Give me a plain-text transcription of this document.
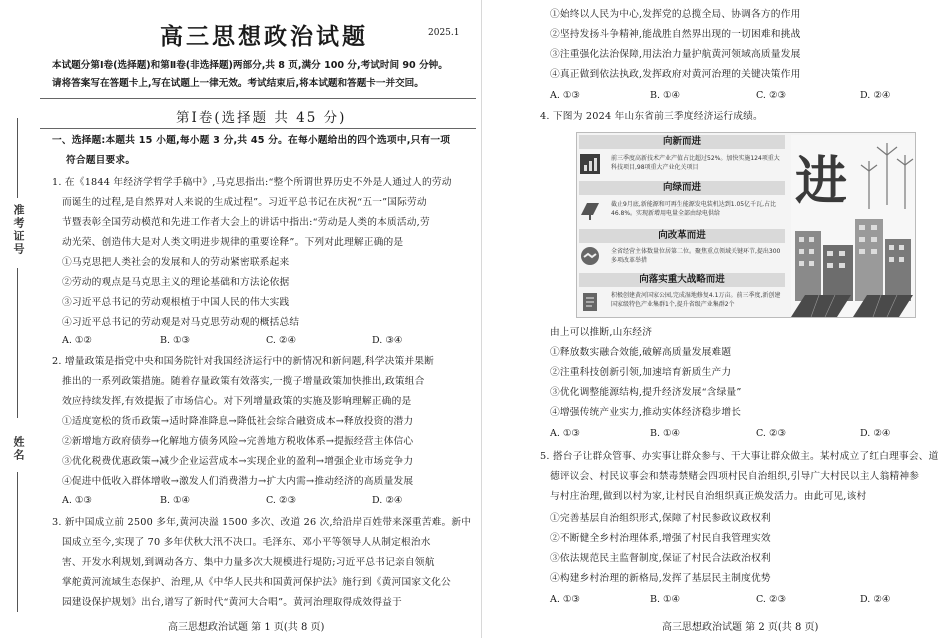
准考证号
姓名
高三思想政治试题	2025.1
本试题分第Ⅰ卷(选择题)和第Ⅱ卷(非选择题)两部分,共 8 页,满分 100 分,考试时间 90 分钟。
请将答案写在答题卡上,写在试题上一律无效。考试结束后,将本试题和答题卡一并交回。
第Ⅰ卷(选择题 共 45 分)
一、选择题:本题共 15 小题,每小题 3 分,共 45 分。在每小题给出的四个选项中,只有一项
符合题目要求。
1. 在《1844 年经济学哲学手稿中》,马克思指出:“整个所谓世界历史不外是人通过人的劳动
而诞生的过程,是自然界对人来说的生成过程”。习近平总书记在庆祝“五一”国际劳动
节暨表彰全国劳动模范和先进工作者大会上的讲话中指出:“劳动是人类的本质活动,劳
动光荣、创造伟大是对人类文明进步规律的重要诠释”。下列对此理解正确的是
①马克思把人类社会的发展和人的劳动紧密联系起来
②劳动的观点是马克思主义的理论基础和方法论依据
③习近平总书记的劳动观根植于中国人民的伟大实践
④习近平总书记的劳动观是对马克思劳动观的概括总结
A. ①②	B. ①③	C. ②④	D. ③④
2. 增量政策是指党中央和国务院针对我国经济运行中的新情况和新问题,科学决策并果断
推出的一系列政策措施。随着存量政策有效落实,一揽子增量政策加快推出,政策组合
效应持续发挥,有效提振了市场信心。对下列增量政策的实施及影响理解正确的是
①适度宽松的货币政策→适时降准降息→降低社会综合融资成本→释放投资的潜力
②新增地方政府债券→化解地方债务风险→完善地方税收体系→提振经营主体信心
③优化税费优惠政策→减少企业运营成本→实现企业的盈利→增强企业市场竞争力
④促进中低收入群体增收→激发人们消费潜力→扩大内需→推动经济的高质量发展
A. ①③	B. ①④	C. ②③	D. ②④
3. 新中国成立前 2500 多年,黄河决溢 1500 多次、改道 26 次,给沿岸百姓带来深重苦难。新中
国成立至今,实现了 70 多年伏秋大汛不决口。毛泽东、邓小平等领导人从制定根治水
害、开发水利规划,到调动各方、集中力量多次大规模进行堤防;习近平总书记亲自领航
掌舵黄河流域生态保护、治理,从《中华人民共和国黄河保护法》施行到《黄河国家文化公
园建设保护规划》出台,谱写了新时代“黄河大合唱”。黄河治理取得成效得益于
高三思想政治试题 第 1 页(共 8 页)
①始终以人民为中心,发挥党的总揽全局、协调各方的作用
②坚持发扬斗争精神,能战胜自然界出现的一切困难和挑战
③注重强化法治保障,用法治力量护航黄河领域高质量发展
④真正做到依法执政,发挥政府对黄河治理的关键决策作用
A. ①③	B. ①④	C. ②③	D. ②④
4. 下图为 2024 年山东省前三季度经济运行成绩。
向新而进
前三季度高新技术产业产值占比超过52%。加快实施124项重大科技项目,98项重大产业化关项目
向绿而进
截止9月底,新能源和可再生能源发电装机达到1.05亿千瓦,占比46.8%。实现新增用电量全部由绿电供给
向改革而进
全省经营主体数量位居第二位。聚焦重点领域关键环节,提出300多项改革举措
向落实重大战略而进
积极创建黄河国家公园,完成湿地修复4.1万亩。前三季度,新创建国家级特色产业集群1个,提升省级产业集群2个
进
由上可以推断,山东经济
①释放数实融合效能,破解高质量发展难题
②注重科技创新引领,加速培育新质生产力
③优化调整能源结构,提升经济发展“含绿量”
④增强传统产业实力,推动实体经济稳步增长
A. ①③	B. ①④	C. ②③	D. ②④
5. 搭台子让群众管事、办实事让群众参与、干大事让群众做主。某村成立了红白理事会、道
德评议会、村民议事会和禁毒禁赌会四项村民自治组织,引导广大村民以主人翁精神参
与村庄治理,做到以村为家,让村民自治组织真正焕发活力。由此可见,该村
①完善基层自治组织形式,保障了村民参政议政权利
②不断健全乡村治理体系,增强了村民自我管理实效
③依法规范民主监督制度,保证了村民合法政治权利
④构建乡村治理的新格局,发挥了基层民主制度优势
A. ①③	B. ①④	C. ②③	D. ②④
高三思想政治试题 第 2 页(共 8 页)
